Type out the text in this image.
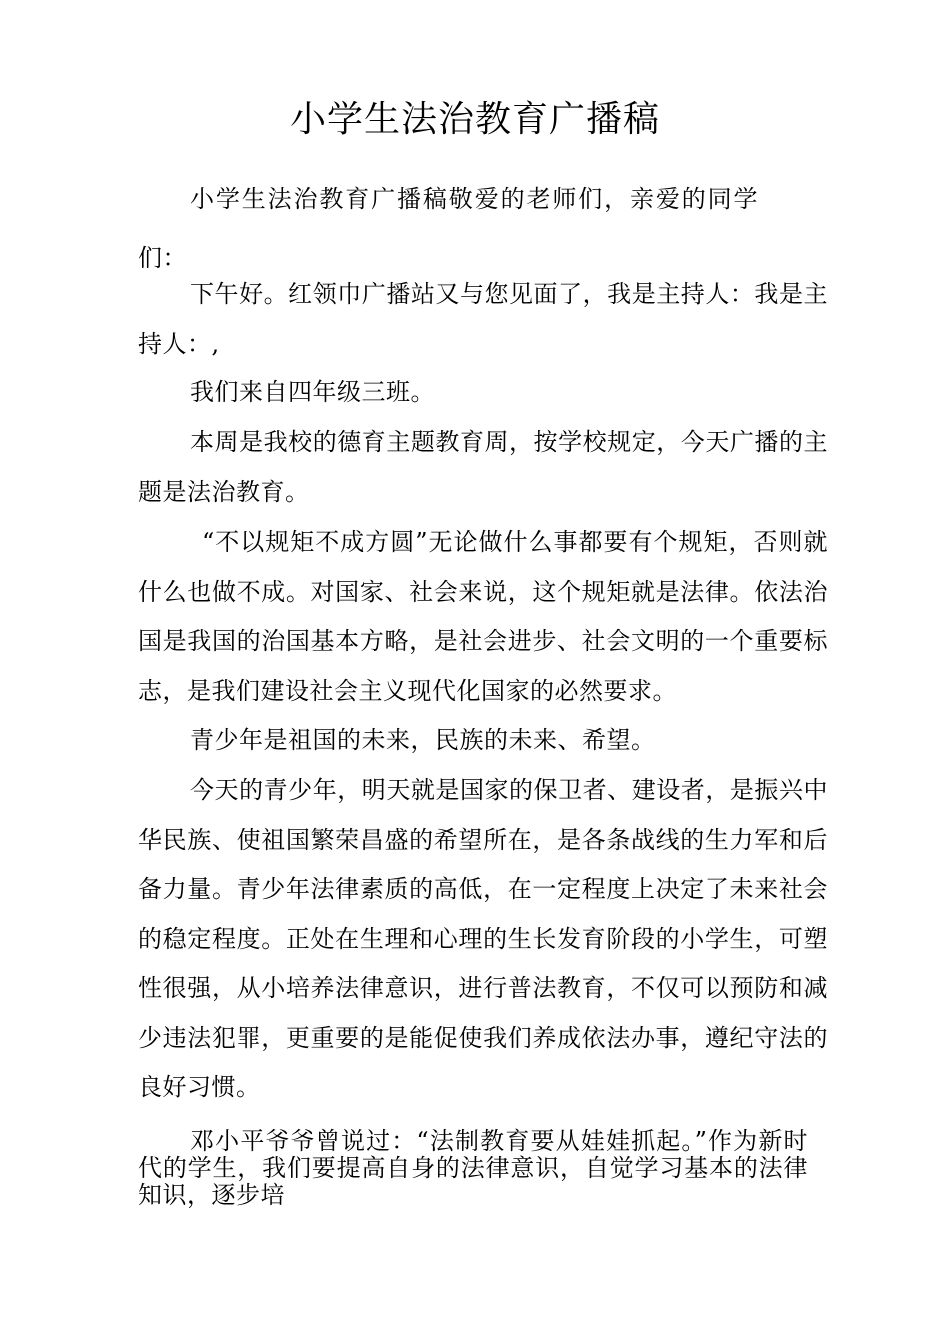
小学生法治教育广播稿

小学生法治教育广播稿敬爱的老师们，亲爱的同学们：

下午好。红领巾广播站又与您见面了，我是主持人：我是主持人：,

我们来自四年级三班。

本周是我校的德育主题教育周，按学校规定，今天广播的主题是法治教育。

“不以规矩不成方圆”无论做什么事都要有个规矩，否则就什么也做不成。对国家、社会来说，这个规矩就是法律。依法治国是我国的治国基本方略，是社会进步、社会文明的一个重要标志，是我们建设社会主义现代化国家的必然要求。

青少年是祖国的未来，民族的未来、希望。

今天的青少年，明天就是国家的保卫者、建设者，是振兴中华民族、使祖国繁荣昌盛的希望所在，是各条战线的生力军和后备力量。青少年法律素质的高低，在一定程度上决定了未来社会的稳定程度。正处在生理和心理的生长发育阶段的小学生，可塑性很强，从小培养法律意识，进行普法教育，不仅可以预防和减少违法犯罪，更重要的是能促使我们养成依法办事，遵纪守法的良好习惯。

邓小平爷爷曾说过：“法制教育要从娃娃抓起。”作为新时代的学生，我们要提高自身的法律意识，自觉学习基本的法律知识，逐步培
